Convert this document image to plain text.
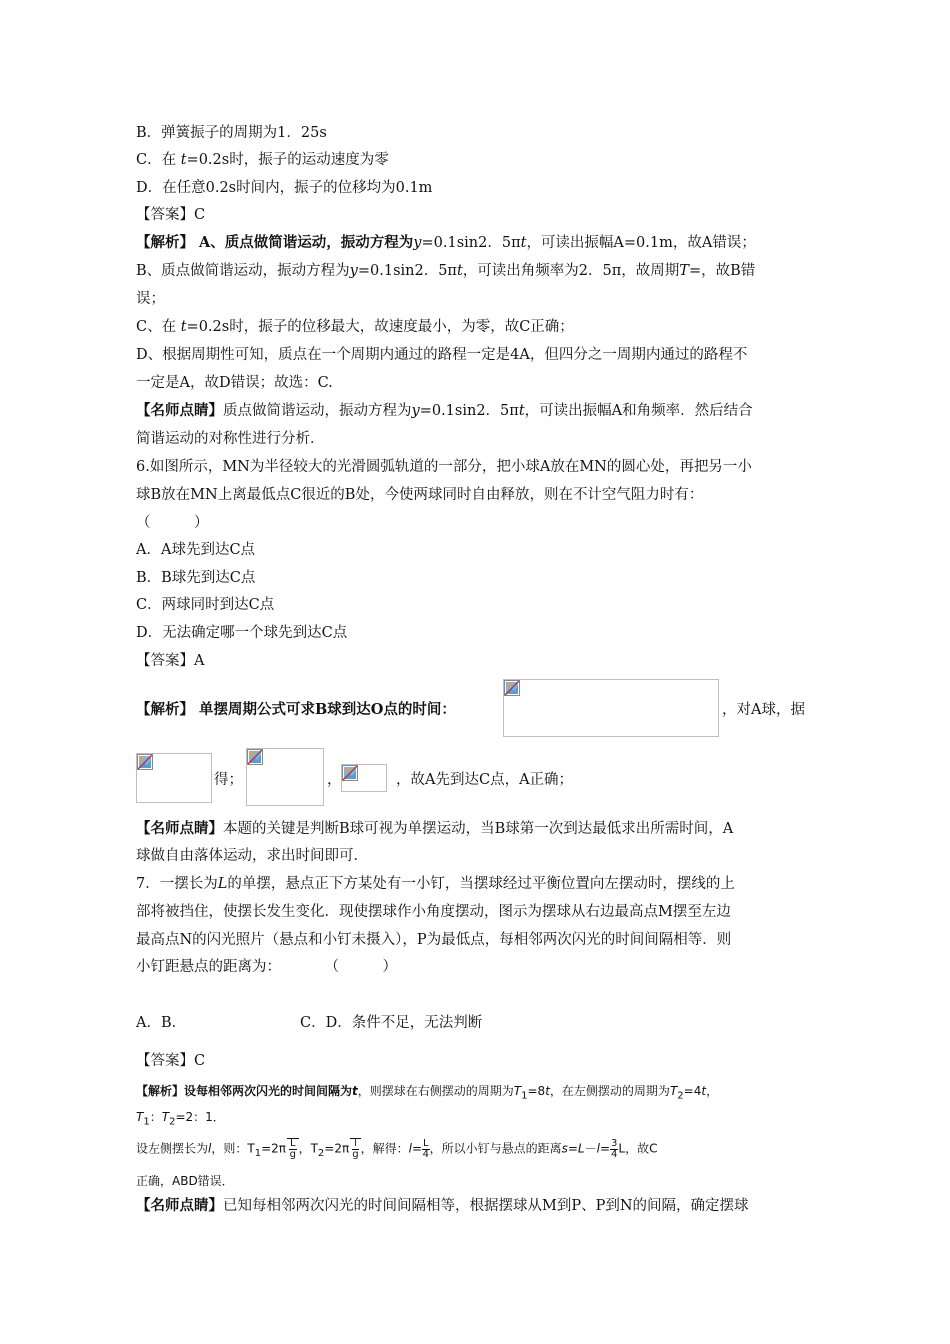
B．弹簧振子的周期为1．25s
C．在 t=0.2s时，振子的运动速度为零
D．在任意0.2s时间内，振子的位移均为0.1m
【答案】C
【解析】 A、质点做简谐运动，振动方程为y=0.1sin2．5πt，可读出振幅A=0.1m，故A错误；
B、质点做简谐运动，振动方程为y=0.1sin2．5πt，可读出角频率为2．5π，故周期T=，故B错
误；
C、在 t=0.2s时，振子的位移最大，故速度最小，为零，故C正确；
D、根据周期性可知，质点在一个周期内通过的路程一定是4A，但四分之一周期内通过的路程不
一定是A，故D错误；故选：C.
【名师点睛】质点做简谐运动，振动方程为y=0.1sin2．5πt，可读出振幅A和角频率．然后结合
简谐运动的对称性进行分析．
6.如图所示，MN为半径较大的光滑圆弧轨道的一部分，把小球A放在MN的圆心处，再把另一小
球B放在MN上离最低点C很近的B处，今使两球同时自由释放，则在不计空气阻力时有：
（　　　）
A．A球先到达C点
B．B球先到达C点
C．两球同时到达C点
D．无法确定哪一个球先到达C点
【答案】A
【解析】 单摆周期公式可求B球到达O点的时间：	，对A球，据
得；	，	，故A先到达C点，A正确；
【名师点睛】本题的关键是判断B球可视为单摆运动，当B球第一次到达最低求出所需时间，A
球做自由落体运动，求出时间即可．
7．一摆长为L的单摆，悬点正下方某处有一小钉，当摆球经过平衡位置向左摆动时，摆线的上
部将被挡住，使摆长发生变化．现使摆球作小角度摆动，图示为摆球从右边最高点M摆至左边
最高点N的闪光照片（悬点和小钉未摄入），P为最低点，每相邻两次闪光的时间间隔相等．则
小钉距悬点的距离为：　　　　（　　　）
A．B．	C．D．条件不足，无法判断
【答案】C
【解析】设每相邻两次闪光的时间间隔为t，则摆球在右侧摆动的周期为$T_1=8t$，在左侧摆动的周期为$T_2=4t$，
$T_1$：$T_2=2$：1．
设左侧摆长为l，则：$T_1=2\pi \frac{L}{g}$ ，$T_2=2\pi \frac{l}{g}$ ，解得：$l= \frac{L}{4}$ ，所以小钉与悬点的距离$s=L-l= \frac{3}{4}$ L，故C
正确，ABD错误．
【名师点睛】已知每相邻两次闪光的时间间隔相等，根据摆球从M到P、P到N的间隔，确定摆球
